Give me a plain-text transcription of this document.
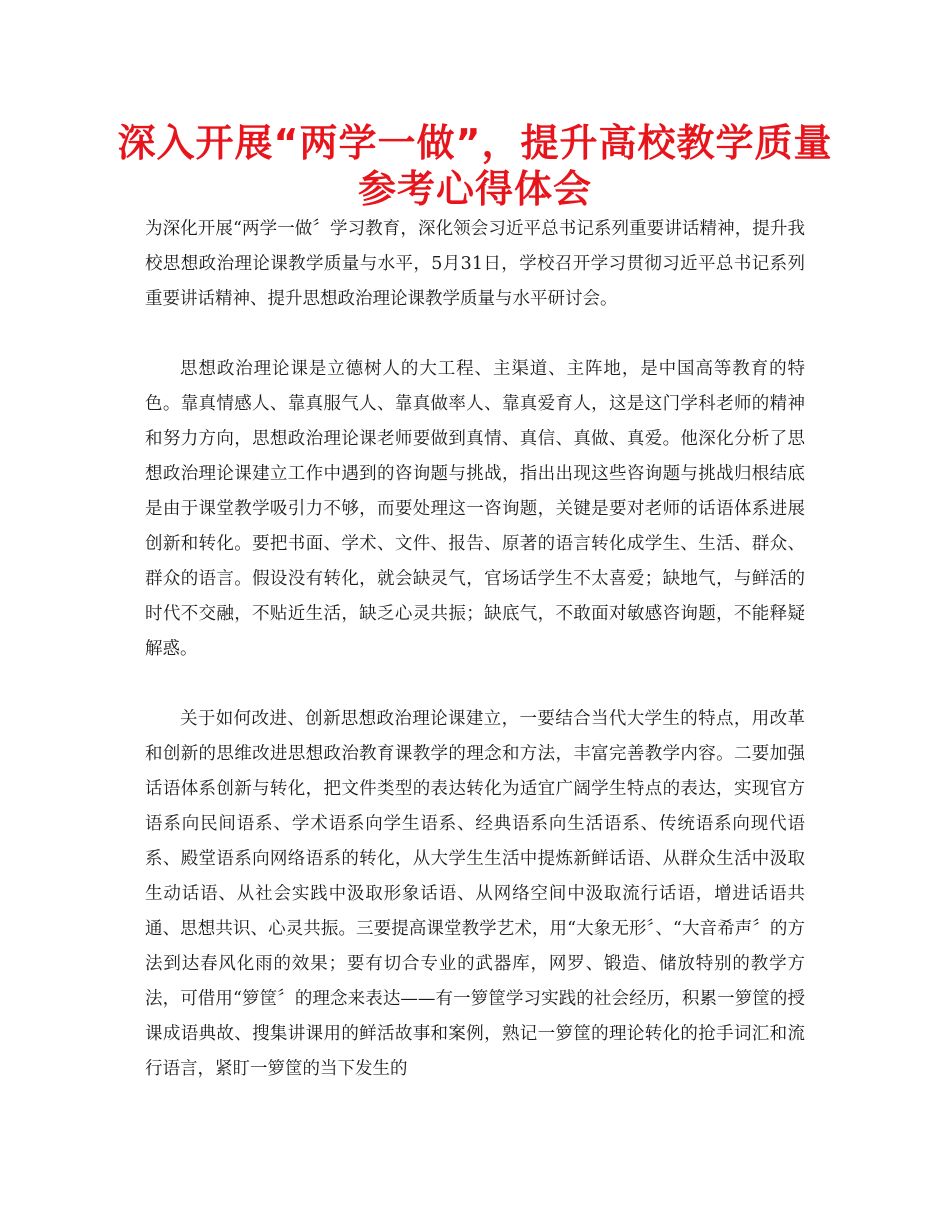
深入开展“两学一做”，提升高校教学质量参考心得体会

为深化开展“两学一做〞学习教育，深化领会习近平总书记系列重要讲话精神，提升我校思想政治理论课教学质量与水平，5月31日，学校召开学习贯彻习近平总书记系列重要讲话精神、提升思想政治理论课教学质量与水平研讨会。

思想政治理论课是立德树人的大工程、主渠道、主阵地，是中国高等教育的特色。靠真情感人、靠真服气人、靠真做率人、靠真爱育人，这是这门学科老师的精神和努力方向，思想政治理论课老师要做到真情、真信、真做、真爱。他深化分析了思想政治理论课建立工作中遇到的咨询题与挑战，指出出现这些咨询题与挑战归根结底是由于课堂教学吸引力不够，而要处理这一咨询题，关键是要对老师的话语体系进展创新和转化。要把书面、学术、文件、报告、原著的语言转化成学生、生活、群众、群众的语言。假设没有转化，就会缺灵气，官场话学生不太喜爱；缺地气，与鲜活的时代不交融，不贴近生活，缺乏心灵共振；缺底气，不敢面对敏感咨询题，不能释疑解惑。

关于如何改进、创新思想政治理论课建立，一要结合当代大学生的特点，用改革和创新的思维改进思想政治教育课教学的理念和方法，丰富完善教学内容。二要加强话语体系创新与转化，把文件类型的表达转化为适宜广阔学生特点的表达，实现官方语系向民间语系、学术语系向学生语系、经典语系向生活语系、传统语系向现代语系、殿堂语系向网络语系的转化，从大学生生活中提炼新鲜话语、从群众生活中汲取生动话语、从社会实践中汲取形象话语、从网络空间中汲取流行话语，增进话语共通、思想共识、心灵共振。三要提高课堂教学艺术，用“大象无形〞、“大音希声〞的方法到达春风化雨的效果；要有切合专业的武器库，网罗、锻造、储放特别的教学方法，可借用“箩筐〞的理念来表达——有一箩筐学习实践的社会经历，积累一箩筐的授课成语典故、搜集讲课用的鲜活故事和案例，熟记一箩筐的理论转化的抢手词汇和流行语言，紧盯一箩筐的当下发生的
